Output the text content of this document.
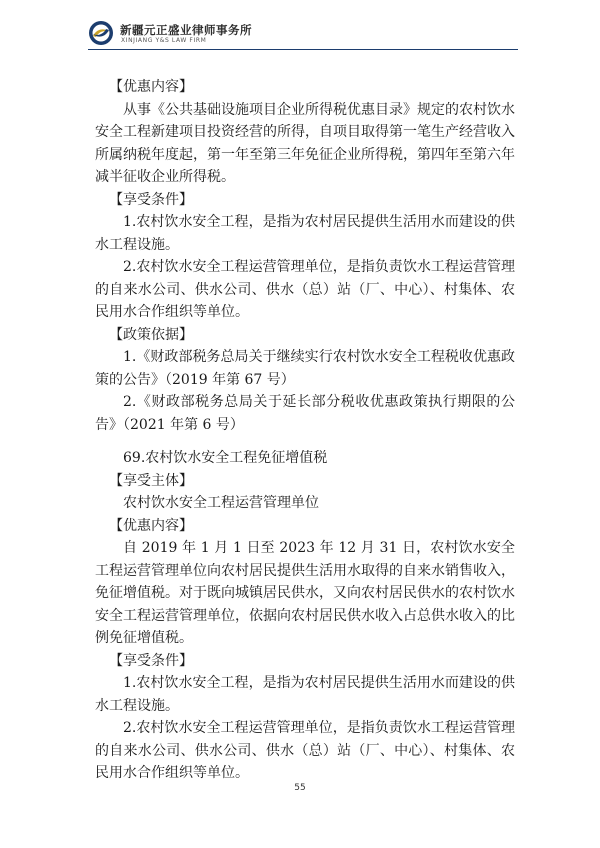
新疆元正盛业律师事务所
XINJIANG Y&S LAW FIRM
【优惠内容】
从事《公共基础设施项目企业所得税优惠目录》规定的农村饮水安全工程新建项目投资经营的所得，自项目取得第一笔生产经营收入所属纳税年度起，第一年至第三年免征企业所得税，第四年至第六年减半征收企业所得税。
【享受条件】
1.农村饮水安全工程，是指为农村居民提供生活用水而建设的供水工程设施。
2.农村饮水安全工程运营管理单位，是指负责饮水工程运营管理的自来水公司、供水公司、供水（总）站（厂、中心）、村集体、农民用水合作组织等单位。
【政策依据】
1.《财政部税务总局关于继续实行农村饮水安全工程税收优惠政策的公告》（2019 年第 67 号）
2.《财政部税务总局关于延长部分税收优惠政策执行期限的公告》（2021 年第 6 号）
69.农村饮水安全工程免征增值税
【享受主体】
农村饮水安全工程运营管理单位
【优惠内容】
自 2019 年 1 月 1 日至 2023 年 12 月 31 日，农村饮水安全工程运营管理单位向农村居民提供生活用水取得的自来水销售收入，免征增值税。对于既向城镇居民供水，又向农村居民供水的农村饮水安全工程运营管理单位，依据向农村居民供水收入占总供水收入的比例免征增值税。
【享受条件】
1.农村饮水安全工程，是指为农村居民提供生活用水而建设的供水工程设施。
2.农村饮水安全工程运营管理单位，是指负责饮水工程运营管理的自来水公司、供水公司、供水（总）站（厂、中心）、村集体、农民用水合作组织等单位。
55
